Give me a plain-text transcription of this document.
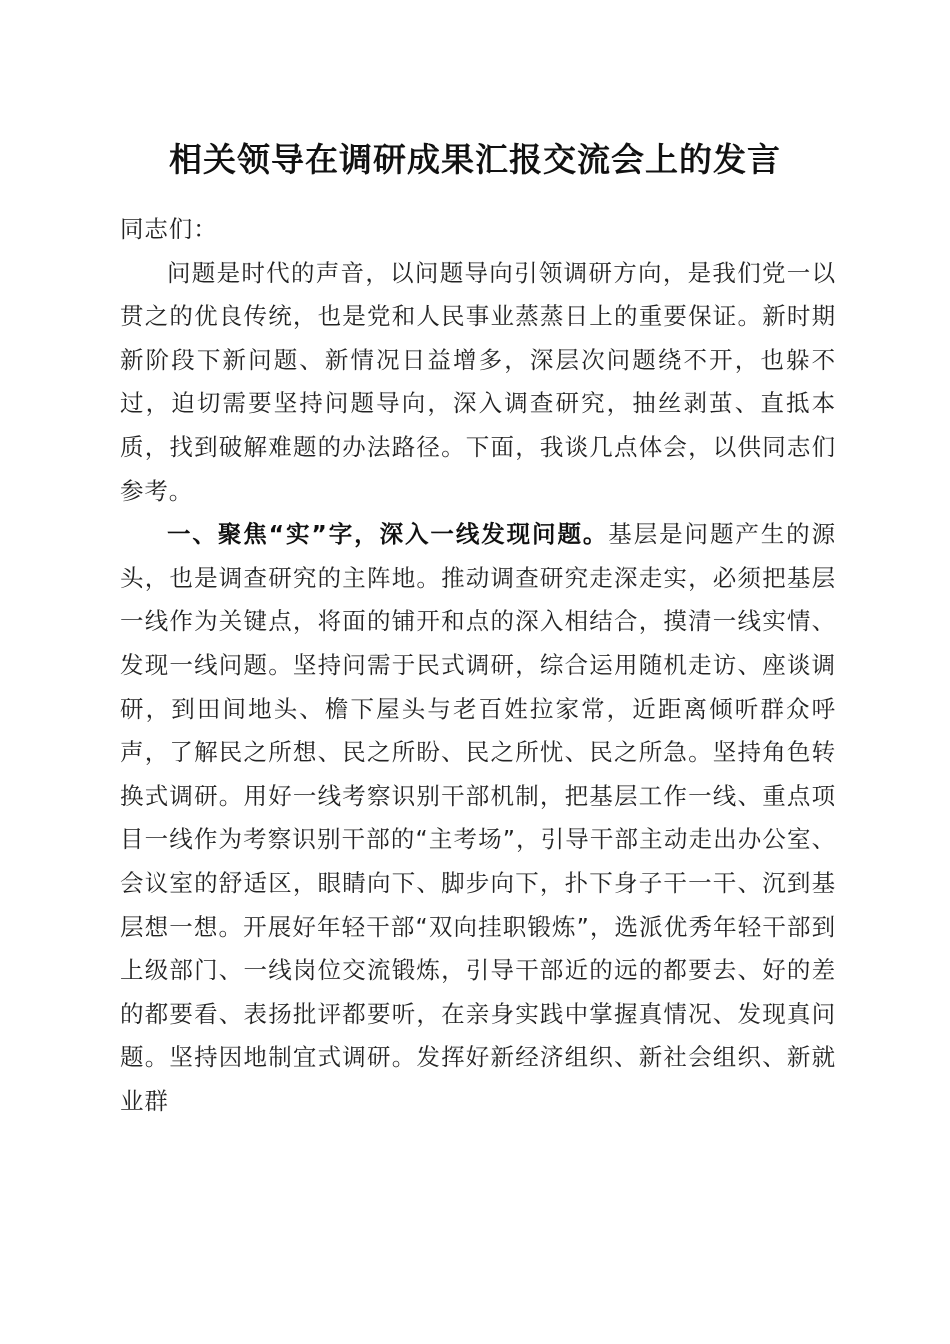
相关领导在调研成果汇报交流会上的发言

同志们：

问题是时代的声音，以问题导向引领调研方向，是我们党一以贯之的优良传统，也是党和人民事业蒸蒸日上的重要保证。新时期新阶段下新问题、新情况日益增多，深层次问题绕不开，也躲不过，迫切需要坚持问题导向，深入调查研究，抽丝剥茧、直抵本质，找到破解难题的办法路径。下面，我谈几点体会，以供同志们参考。

一、聚焦“实”字，深入一线发现问题。基层是问题产生的源头，也是调查研究的主阵地。推动调查研究走深走实，必须把基层一线作为关键点，将面的铺开和点的深入相结合，摸清一线实情、发现一线问题。坚持问需于民式调研，综合运用随机走访、座谈调研，到田间地头、檐下屋头与老百姓拉家常，近距离倾听群众呼声，了解民之所想、民之所盼、民之所忧、民之所急。坚持角色转换式调研。用好一线考察识别干部机制，把基层工作一线、重点项目一线作为考察识别干部的“主考场”，引导干部主动走出办公室、会议室的舒适区，眼睛向下、脚步向下，扑下身子干一干、沉到基层想一想。开展好年轻干部“双向挂职锻炼”，选派优秀年轻干部到上级部门、一线岗位交流锻炼，引导干部近的远的都要去、好的差的都要看、表扬批评都要听，在亲身实践中掌握真情况、发现真问题。坚持因地制宜式调研。发挥好新经济组织、新社会组织、新就业群
